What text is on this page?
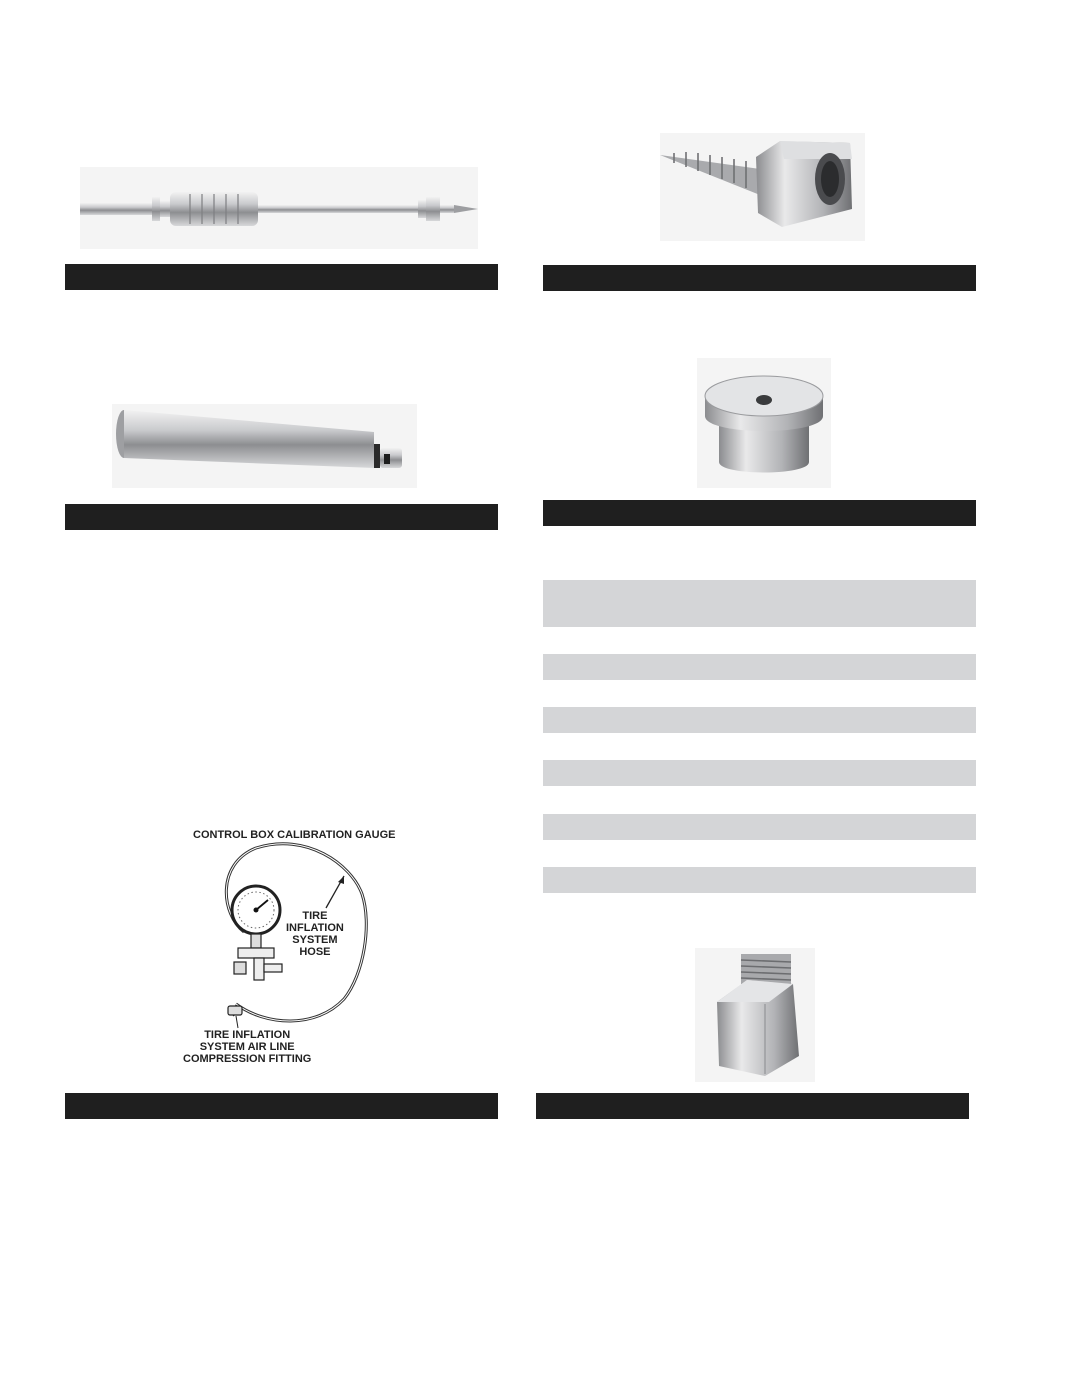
CONTROL BOX CALIBRATION GAUGE
TIRE
INFLATION
SYSTEM
HOSE
TIRE INFLATION
SYSTEM AIR LINE
COMPRESSION FITTING
